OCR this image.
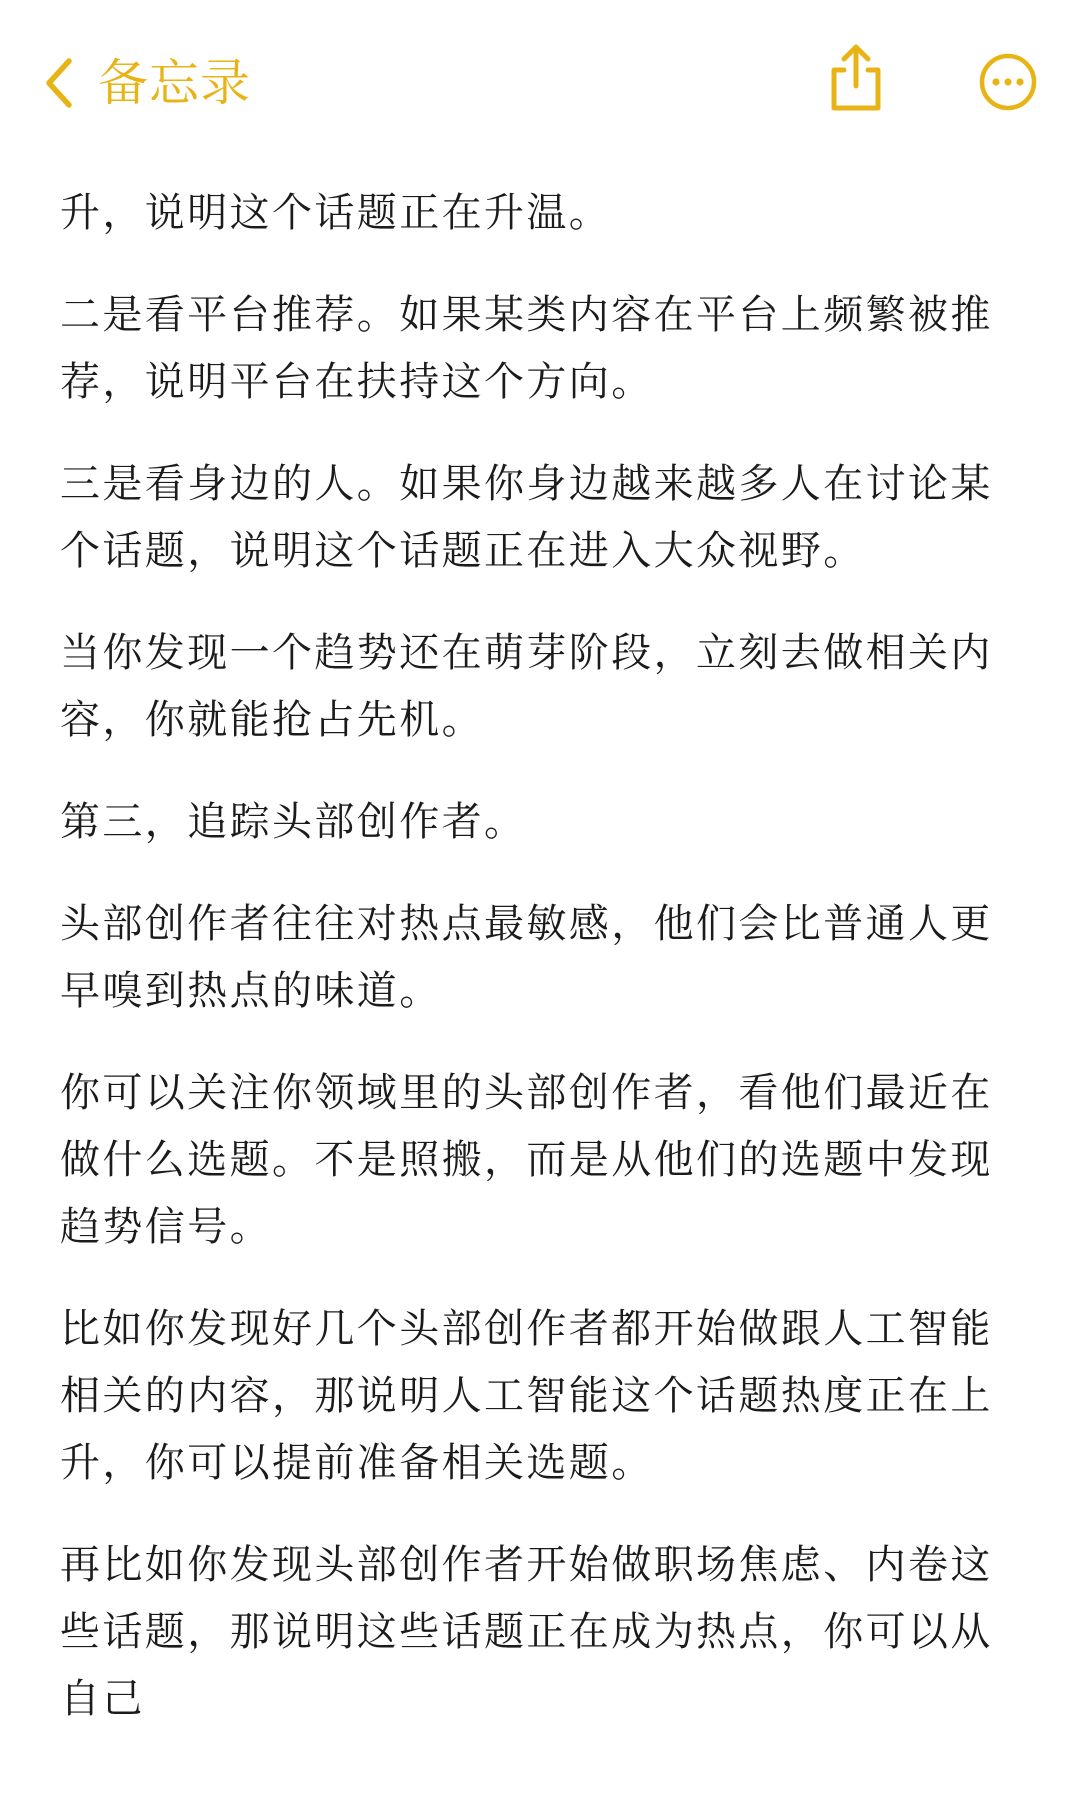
备忘录

升，说明这个话题正在升温。

二是看平台推荐。如果某类内容在平台上频繁被推荐，说明平台在扶持这个方向。

三是看身边的人。如果你身边越来越多人在讨论某个话题，说明这个话题正在进入大众视野。

当你发现一个趋势还在萌芽阶段，立刻去做相关内容，你就能抢占先机。

第三，追踪头部创作者。

头部创作者往往对热点最敏感，他们会比普通人更早嗅到热点的味道。

你可以关注你领域里的头部创作者，看他们最近在做什么选题。不是照搬，而是从他们的选题中发现趋势信号。

比如你发现好几个头部创作者都开始做跟人工智能相关的内容，那说明人工智能这个话题热度正在上升，你可以提前准备相关选题。

再比如你发现头部创作者开始做职场焦虑、内卷这些话题，那说明这些话题正在成为热点，你可以从自己
